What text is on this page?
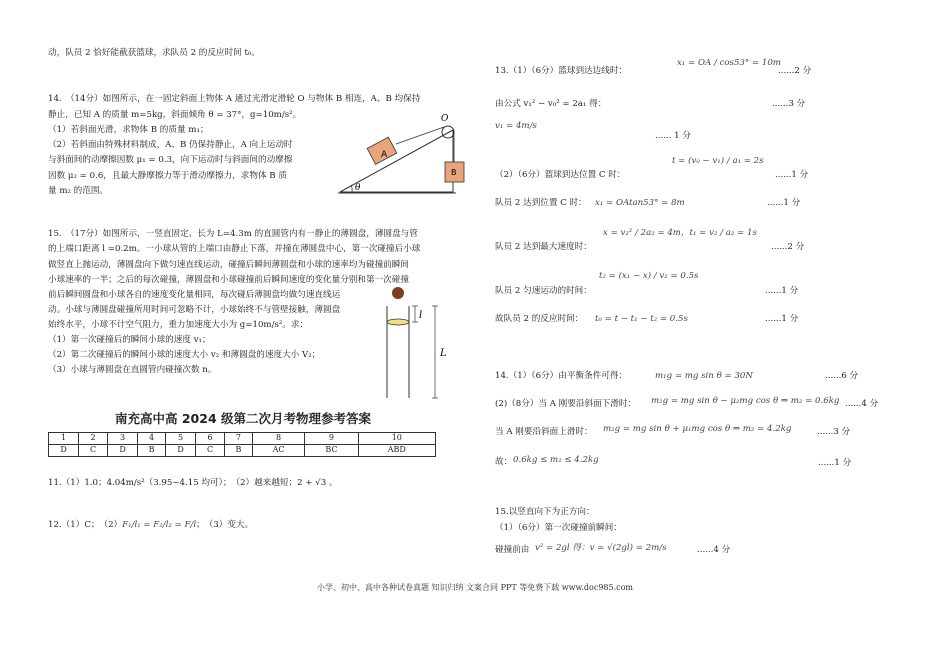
动，队员 2 恰好能截获篮球，求队员 2 的反应时间 t₀。
14.　（14分）如图所示，在一固定斜面上物体 A 通过光滑定滑轮 O 与物体 B 相连，A、B 均保持
静止，已知 A 的质量 m=5kg，斜面倾角 θ = 37°，g=10m/s²。
（1）若斜面光滑，求物体 B 的质量 m₁；
（2）若斜面由特殊材料制成，A、B 仍保持静止，A 向上运动时
与斜面间的动摩擦因数 μ₁ = 0.3，向下运动时与斜面间的动摩擦
因数 μ₂ = 0.6，且最大静摩擦力等于滑动摩擦力，求物体 B 质
量 m₂ 的范围。
O
A
B
θ
15.　（17分）如图所示，一竖直固定、长为 L=4.3m 的直圆管内有一静止的薄圆盘，薄圆盘与管
的上端口距离 l =0.2m。一小球从管的上端口由静止下落，并撞在薄圆盘中心，第一次碰撞后小球
做竖直上抛运动，薄圆盘向下做匀速直线运动，碰撞后瞬间薄圆盘和小球的速率均为碰撞前瞬间
小球速率的一半；之后的每次碰撞，薄圆盘和小球碰撞前后瞬间速度的变化量分别和第一次碰撞
前后瞬间圆盘和小球各自的速度变化量相同，每次碰后薄圆盘均做匀速直线运
动。小球与薄圆盘碰撞所用时间可忽略不计，小球始终不与管壁接触，薄圆盘
始终水平，小球不计空气阻力，重力加速度大小为 g=10m/s²。求：
（1）第一次碰撞后的瞬间小球的速度 v₁；
（2）第二次碰撞后的瞬间小球的速度大小 v₂ 和薄圆盘的速度大小 V₂；
（3）小球与薄圆盘在直圆管内碰撞次数 n。
l
L
南充高中高 2024 级第二次月考物理参考答案
1	2	3	4	5	6	7	8	9	10
D	C	D	B	D	C	B	AC	BC	ABD
11.（1）1.0；4.04m/s²（3.95~4.15 均可）；　（2）越来越短；2 + √3 。
12.（1）C；　（2）F₁/l₁ = F₂/l₂ = F/l；　（3）变大。
13.（1）（6分）篮球到达边线时：
x₁ = OA / cos53° = 10m
......2 分
由公式 v₁² − v₀² = 2a₁ 得：	......3 分
v₁ = 4m/s
...... 1 分
t = (v₀ − v₁) / a₁ = 2s
（2）（6分）篮球到达位置 C 时：	......1 分
队员 2 达到位置 C 时： x₁ = OAtan53° = 8m	......1 分
x = v₂² / 2a₂ = 4m，t₁ = v₂ / a₂ = 1s
队员 2 达到最大速度时：	......2 分
t₂ = (x₁ − x) / v₂ = 0.5s
队员 2 匀速运动的时间：	......1 分
故队员 2 的反应时间： t₀ = t − t₁ − t₂ = 0.5s	......1 分
14.（1）（6分）由平衡条件可得：	m₁g = mg sin θ = 30N	......6 分
(2)（8分）当 A 刚要沿斜面下滑时： m₂g = mg sin θ − μ₂mg cos θ ⇒ m₂ = 0.6kg ......4 分
当 A 刚要沿斜面上滑时： m₂g = mg sin θ + μ₁mg cos θ ⇒ m₂ = 4.2kg	......3 分
故： 0.6kg ≤ m₂ ≤ 4.2kg	......1 分
15.以竖直向下为正方向：
（1）（6分）第一次碰撞前瞬间：
碰撞前由 v² = 2gl 得：v = √(2gl) = 2m/s	......4 分
小学、初中、高中各种试卷真题 知识归纳 文案合同 PPT 等免费下载 www.doc985.com
